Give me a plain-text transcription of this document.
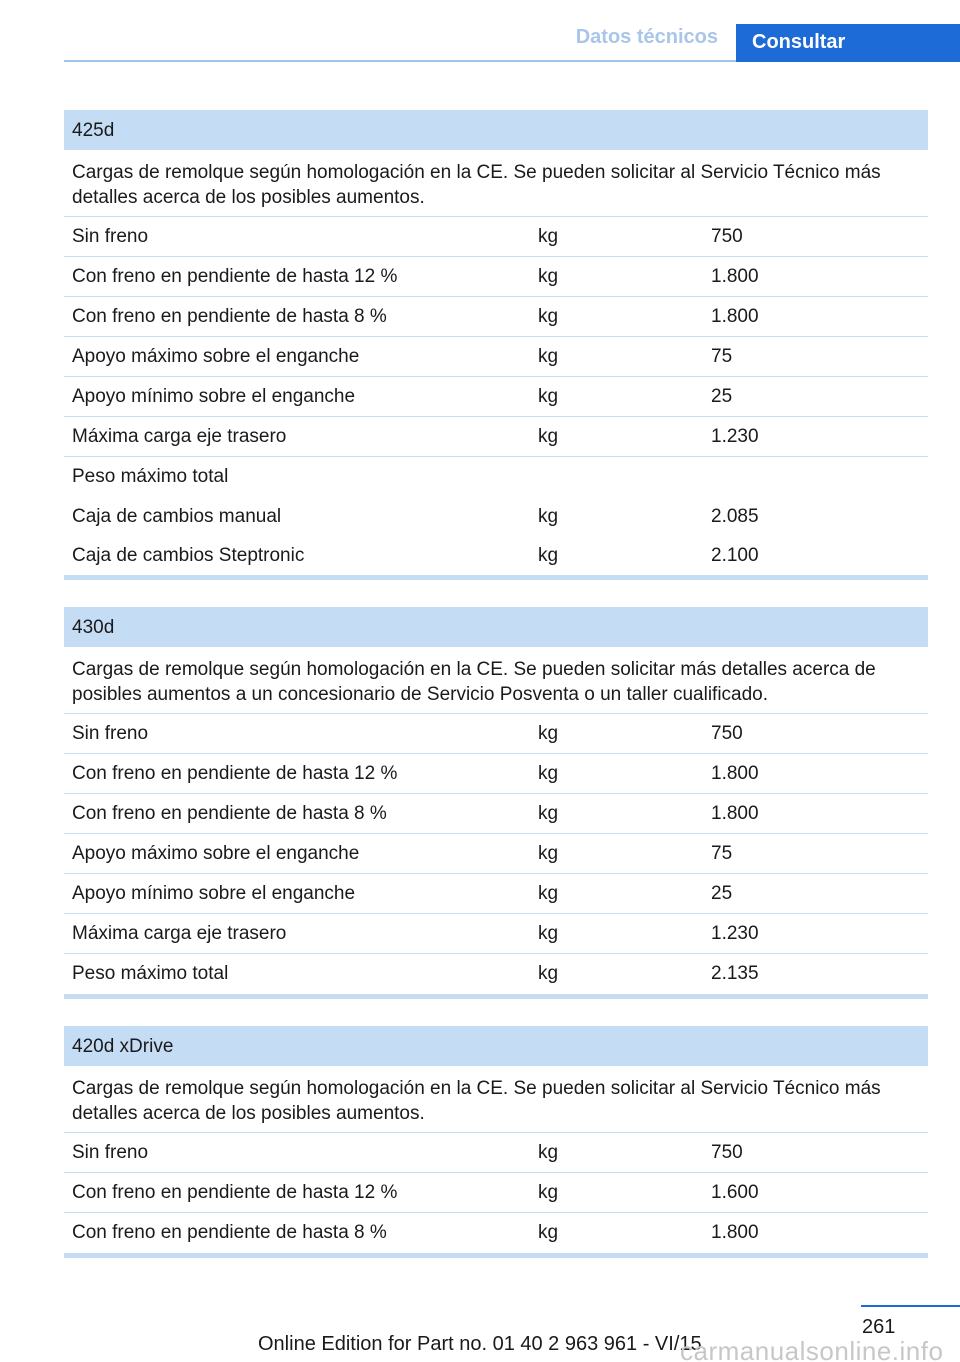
Datos técnicos	Consultar
425d
Cargas de remolque según homologación en la CE. Se pueden solicitar al Servicio Técnico más detalles acerca de los posibles aumentos.
Sin freno	kg	750
Con freno en pendiente de hasta 12 %	kg	1.800
Con freno en pendiente de hasta 8 %	kg	1.800
Apoyo máximo sobre el enganche	kg	75
Apoyo mínimo sobre el enganche	kg	25
Máxima carga eje trasero	kg	1.230
Peso máximo total
Caja de cambios manual	kg	2.085
Caja de cambios Steptronic	kg	2.100
430d
Cargas de remolque según homologación en la CE. Se pueden solicitar más detalles acerca de posibles aumentos a un concesionario de Servicio Posventa o un taller cualificado.
Sin freno	kg	750
Con freno en pendiente de hasta 12 %	kg	1.800
Con freno en pendiente de hasta 8 %	kg	1.800
Apoyo máximo sobre el enganche	kg	75
Apoyo mínimo sobre el enganche	kg	25
Máxima carga eje trasero	kg	1.230
Peso máximo total	kg	2.135
420d xDrive
Cargas de remolque según homologación en la CE. Se pueden solicitar al Servicio Técnico más detalles acerca de los posibles aumentos.
Sin freno	kg	750
Con freno en pendiente de hasta 12 %	kg	1.600
Con freno en pendiente de hasta 8 %	kg	1.800
261
Online Edition for Part no. 01 40 2 963 961 - VI/15
carmanualsonline.info
